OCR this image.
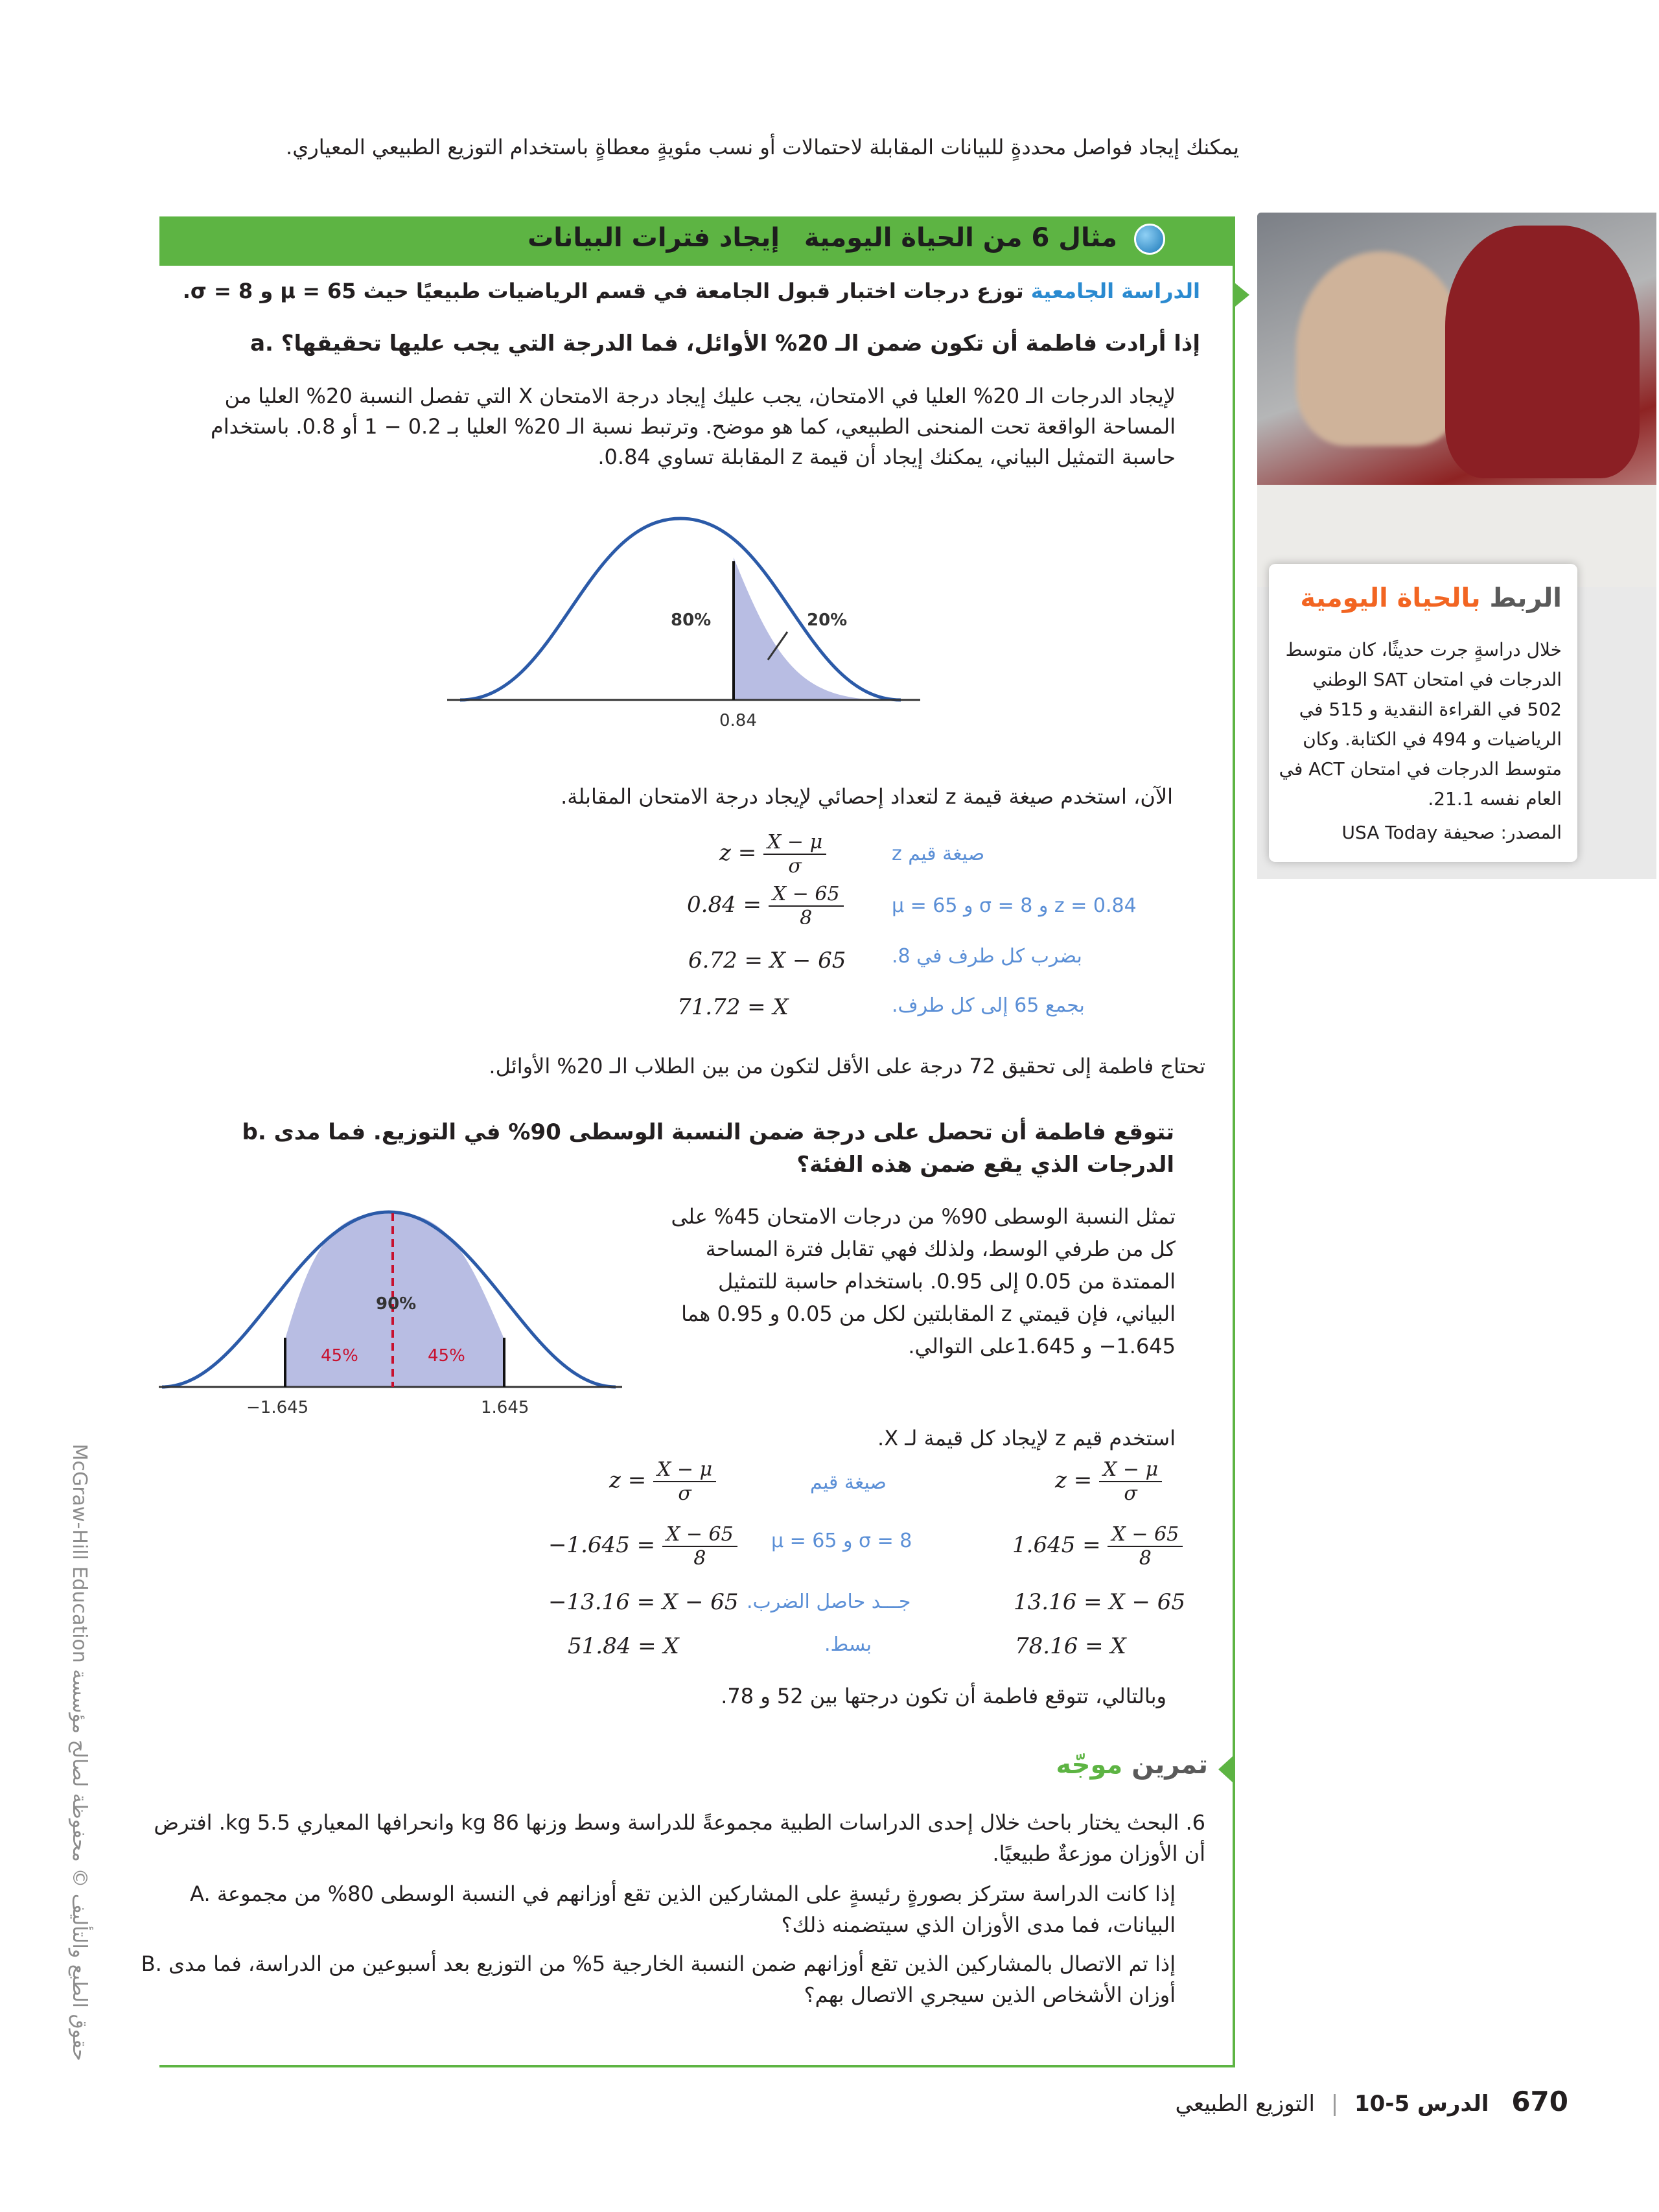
يمكنك إيجاد فواصل محددةٍ للبيانات المقابلة لاحتمالات أو نسب مئويةٍ معطاةٍ باستخدام التوزيع الطبيعي المعياري.
مثال 6 من الحياة اليومية إيجاد فترات البيانات
الربط بالحياة اليومية
خلال دراسةٍ جرت حديثًا، كان متوسط الدرجات في امتحان SAT الوطني 502 في القراءة النقدية و 515 في الرياضيات و 494 في الكتابة. وكان متوسط الدرجات في امتحان ACT في العام نفسه 21.1.
المصدر: صحيفة USA Today
الدراسة الجامعية توزع درجات اختبار قبول الجامعة في قسم الرياضيات طبيعيًا حيث 65 = μ و 8 = σ.
a. إذا أرادت فاطمة أن تكون ضمن الـ 20% الأوائل، فما الدرجة التي يجب عليها تحقيقها؟
لإيجاد الدرجات الـ 20% العليا في الامتحان، يجب عليك إيجاد درجة الامتحان X التي تفصل النسبة 20% العليا من المساحة الواقعة تحت المنحنى الطبيعي، كما هو موضح. وترتبط نسبة الـ 20% العليا بـ 0.2 − 1 أو 0.8. باستخدام حاسبة التمثيل البياني، يمكنك إيجاد أن قيمة z المقابلة تساوي 0.84.
80%	20%
0.84
الآن، استخدم صيغة قيمة z لتعداد إحصائي لإيجاد درجة الامتحان المقابلة.
$z = \frac{X - \mu}{\sigma}$	صيغة قيم z
$0.84 = \frac{X - 65}{8}$ z = 0.84 و σ = 8 و μ = 65
6.72 = X − 65 بضرب كل طرف في 8.
71.72 = X	بجمع 65 إلى كل طرف.
تحتاج فاطمة إلى تحقيق 72 درجة على الأقل لتكون من بين الطلاب الـ 20% الأوائل.
b. تتوقع فاطمة أن تحصل على درجة ضمن النسبة الوسطى 90% في التوزيع. فما مدى الدرجات الذي يقع ضمن هذه الفئة؟
90%
45%	45%
−1.645	1.645
تمثل النسبة الوسطى 90% من درجات الامتحان 45% على كل من طرفي الوسط، ولذلك فهي تقابل فترة المساحة الممتدة من 0.05 إلى 0.95. باستخدام حاسبة للتمثيل البياني، فإن قيمتي z المقابلتين لكل من 0.05 و 0.95 هما 1.645− و 1.645على التوالي.
استخدم قيم z لإيجاد كل قيمة لـ X.
$z = \frac{X - \mu}{\sigma}$	صيغة قيم	$z = \frac{X - \mu}{\sigma}$
$-1.645 = \frac{X - 65}{8}$ σ = 8 و μ = 65	$1.645 = \frac{X - 65}{8}$
−13.16 = X − 65 جـــد حاصل الضرب.	13.16 = X − 65
51.84 = X	بسط.	78.16 = X
وبالتالي، تتوقع فاطمة أن تكون درجتها بين 52 و 78.
تمرين موجّه
6. البحث يختار باحث خلال إحدى الدراسات الطبية مجموعةً للدراسة وسط وزنها 86 kg وانحرافها المعياري 5.5 kg. افترض أن الأوزان موزعةٌ طبيعيًا.
A. إذا كانت الدراسة ستركز بصورةٍ رئيسةٍ على المشاركين الذين تقع أوزانهم في النسبة الوسطى 80% من مجموعة البيانات، فما مدى الأوزان الذي سيتضمنه ذلك؟
B. إذا تم الاتصال بالمشاركين الذين تقع أوزانهم ضمن النسبة الخارجية 5% من التوزيع بعد أسبوعين من الدراسة، فما مدى أوزان الأشخاص الذين سيجري الاتصال بهم؟
حقوق الطبع والتأليف © محفوظة لصالح مؤسسة McGraw-Hill Education
670 الدرس 5-10 | التوزيع الطبيعي
